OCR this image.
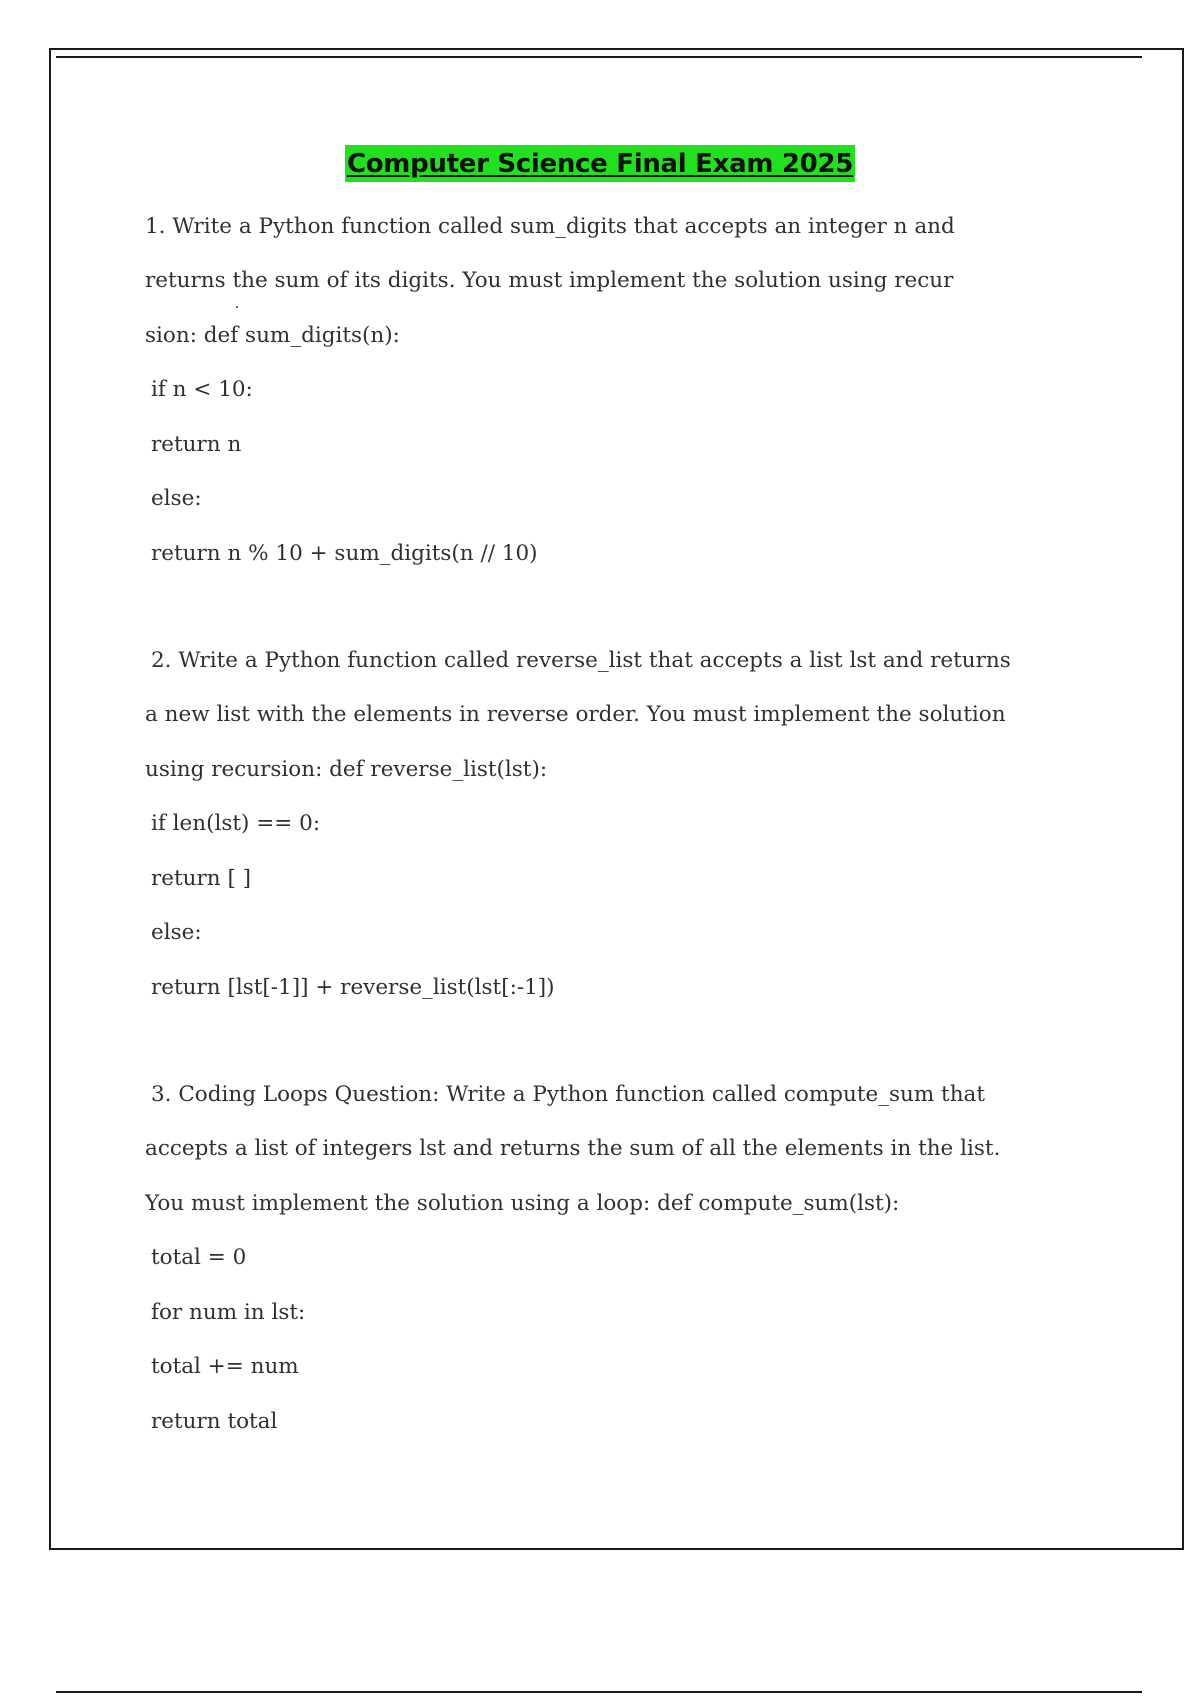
Computer Science Final Exam 2025
1. Write a Python function called sum_digits that accepts an integer n and
returns the sum of its digits. You must implement the solution using recur
sion: def sum_digits(n):
if n < 10:
return n
else:
return n % 10 + sum_digits(n // 10)
2. Write a Python function called reverse_list that accepts a list lst and returns
a new list with the elements in reverse order. You must implement the solution
using recursion: def reverse_list(lst):
if len(lst) == 0:
return [ ]
else:
return [lst[-1]] + reverse_list(lst[:-1])
3. Coding Loops Question: Write a Python function called compute_sum that
accepts a list of integers lst and returns the sum of all the elements in the list.
You must implement the solution using a loop: def compute_sum(lst):
total = 0
for num in lst:
total += num
return total
